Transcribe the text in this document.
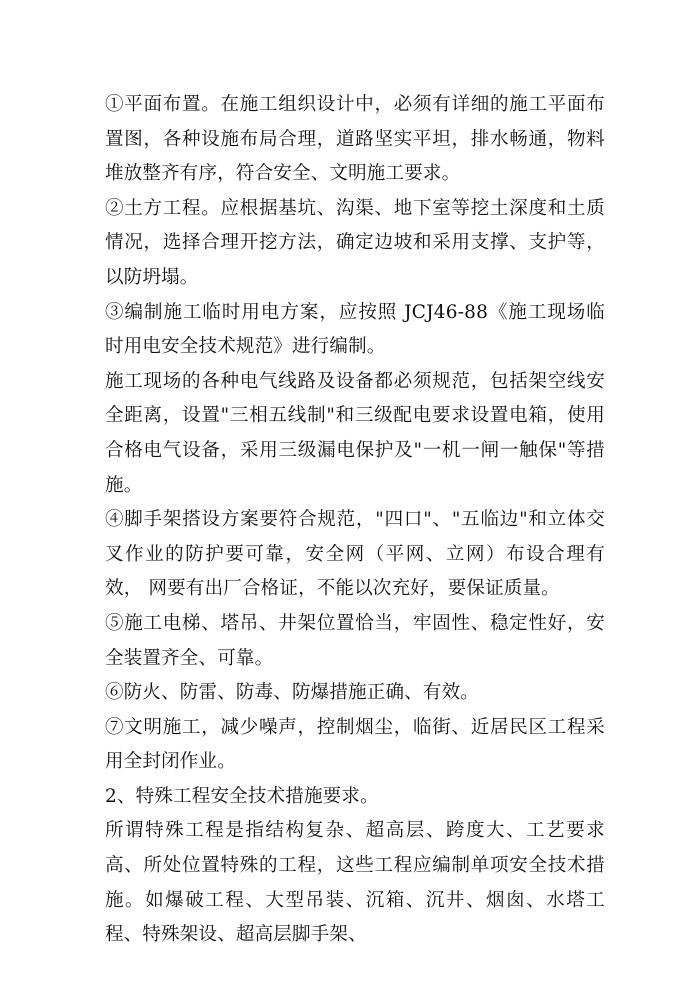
①平面布置。在施工组织设计中，必须有详细的施工平面布置图，各种设施布局合理，道路坚实平坦，排水畅通，物料堆放整齐有序，符合安全、文明施工要求。

②土方工程。应根据基坑、沟渠、地下室等挖土深度和土质情况，选择合理开挖方法，确定边坡和采用支撑、支护等，以防坍塌。

③编制施工临时用电方案，应按照 JCJ46-88《施工现场临时用电安全技术规范》进行编制。

施工现场的各种电气线路及设备都必须规范，包括架空线安全距离，设置"三相五线制"和三级配电要求设置电箱，使用合格电气设备，采用三级漏电保护及"一机一闸一触保"等措施。

④脚手架搭设方案要符合规范，"四口"、"五临边"和立体交叉作业的防护要可靠，安全网（平网、立网）布设合理有效， 网要有出厂合格证，不能以次充好，要保证质量。

⑤施工电梯、塔吊、井架位置恰当，牢固性、稳定性好，安全装置齐全、可靠。

⑥防火、防雷、防毒、防爆措施正确、有效。

⑦文明施工，减少噪声，控制烟尘，临街、近居民区工程采用全封闭作业。

2、特殊工程安全技术措施要求。

所谓特殊工程是指结构复杂、超高层、跨度大、工艺要求高、所处位置特殊的工程，这些工程应编制单项安全技术措施。如爆破工程、大型吊装、沉箱、沉井、烟囱、水塔工程、特殊架设、超高层脚手架、
